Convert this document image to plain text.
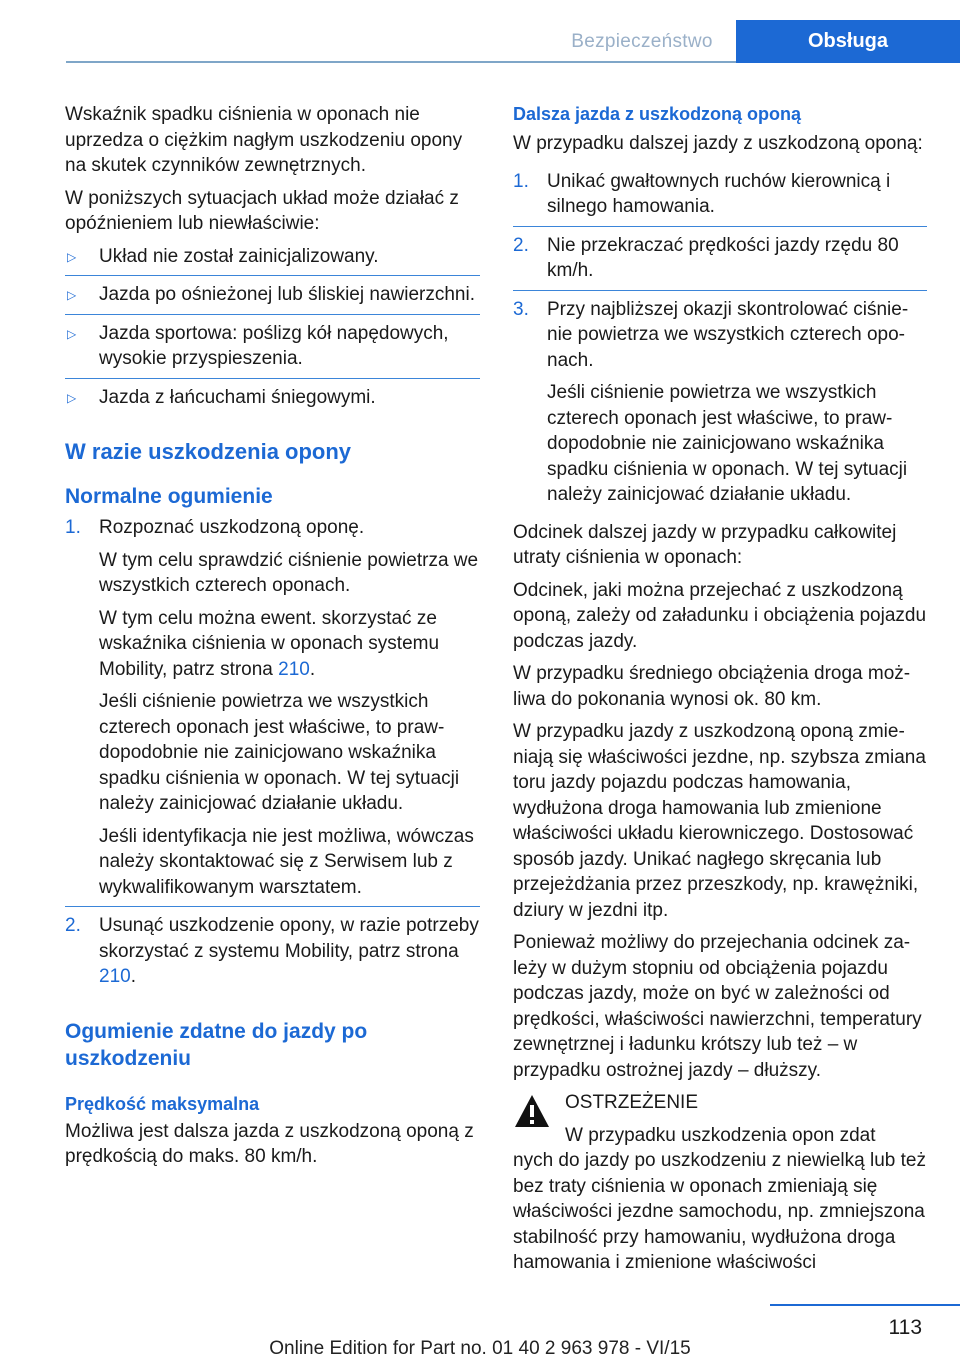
Bezpieczeństwo	Obsługa

Wskaźnik spadku ciśnienia w oponach nie uprzedza o ciężkim nagłym uszkodzeniu opony na skutek czynników zewnętrznych.

W poniższych sytuacjach układ może działać z opóźnieniem lub niewłaściwie:

▷ Układ nie został zainicjalizowany.
▷ Jazda po ośnieżonej lub śliskiej nawierzchni.
▷ Jazda sportowa: poślizg kół napędowych, wysokie przyspieszenia.
▷ Jazda z łańcuchami śniegowymi.
W razie uszkodzenia opony
Normalne ogumienie
1. Rozpoznać uszkodzoną oponę.
W tym celu sprawdzić ciśnienie powietrza we wszystkich czterech oponach.
W tym celu można ewent. skorzystać ze wskaźnika ciśnienia w oponach systemu Mobility, patrz strona 210.
Jeśli ciśnienie powietrza we wszystkich czterech oponach jest właściwe, to prawdopodobnie nie zainicjowano wskaźnika spadku ciśnienia w oponach. W tej sytuacji należy zainicjować działanie układu.
Jeśli identyfikacja nie jest możliwa, wówczas należy skontaktować się z Serwisem lub z wykwalifikowanym warsztatem.
2. Usunąć uszkodzenie opony, w razie potrzeby skorzystać z systemu Mobility, patrz strona 210.
Ogumienie zdatne do jazdy po uszkodzeniu
Prędkość maksymalna

Możliwa jest dalsza jazda z uszkodzoną oponą z prędkością do maks. 80 km/h.

Dalsza jazda z uszkodzoną oponą

W przypadku dalszej jazdy z uszkodzoną oponą:

1. Unikać gwałtownych ruchów kierownicą i silnego hamowania.
2. Nie przekraczać prędkości jazdy rzędu 80 km/h.
3. Przy najbliższej okazji skontrolować ciśnienie powietrza we wszystkich czterech oponach.
Jeśli ciśnienie powietrza we wszystkich czterech oponach jest właściwe, to prawdopodobnie nie zainicjowano wskaźnika spadku ciśnienia w oponach. W tej sytuacji należy zainicjować działanie układu.

Odcinek dalszej jazdy w przypadku całkowitej utraty ciśnienia w oponach:

Odcinek, jaki można przejechać z uszkodzoną oponą, zależy od załadunku i obciążenia pojazdu podczas jazdy.

W przypadku średniego obciążenia droga możliwa do pokonania wynosi ok. 80 km.

W przypadku jazdy z uszkodzoną oponą zmieniają się właściwości jezdne, np. szybsza zmiana toru jazdy pojazdu podczas hamowania, wydłużona droga hamowania lub zmienione właściwości układu kierowniczego. Dostosować sposób jazdy. Unikać nagłego skręcania lub przejeżdżania przez przeszkody, np. krawężniki, dziury w jezdni itp.

Ponieważ możliwy do przejechania odcinek zależy w dużym stopniu od obciążenia pojazdu podczas jazdy, może on być w zależności od prędkości, właściwości nawierzchni, temperatury zewnętrznej i ładunku krótszy lub też – w przypadku ostrożnej jazdy – dłuższy.

OSTRZEŻENIE
W przypadku uszkodzenia opon zdat
nych do jazdy po uszkodzeniu z niewielką lub też bez traty ciśnienia w oponach zmieniają się właściwości jezdne samochodu, np. zmniejszona stabilność przy hamowaniu, wydłużona droga hamowania i zmienione właściwości
113
Online Edition for Part no. 01 40 2 963 978 - VI/15
